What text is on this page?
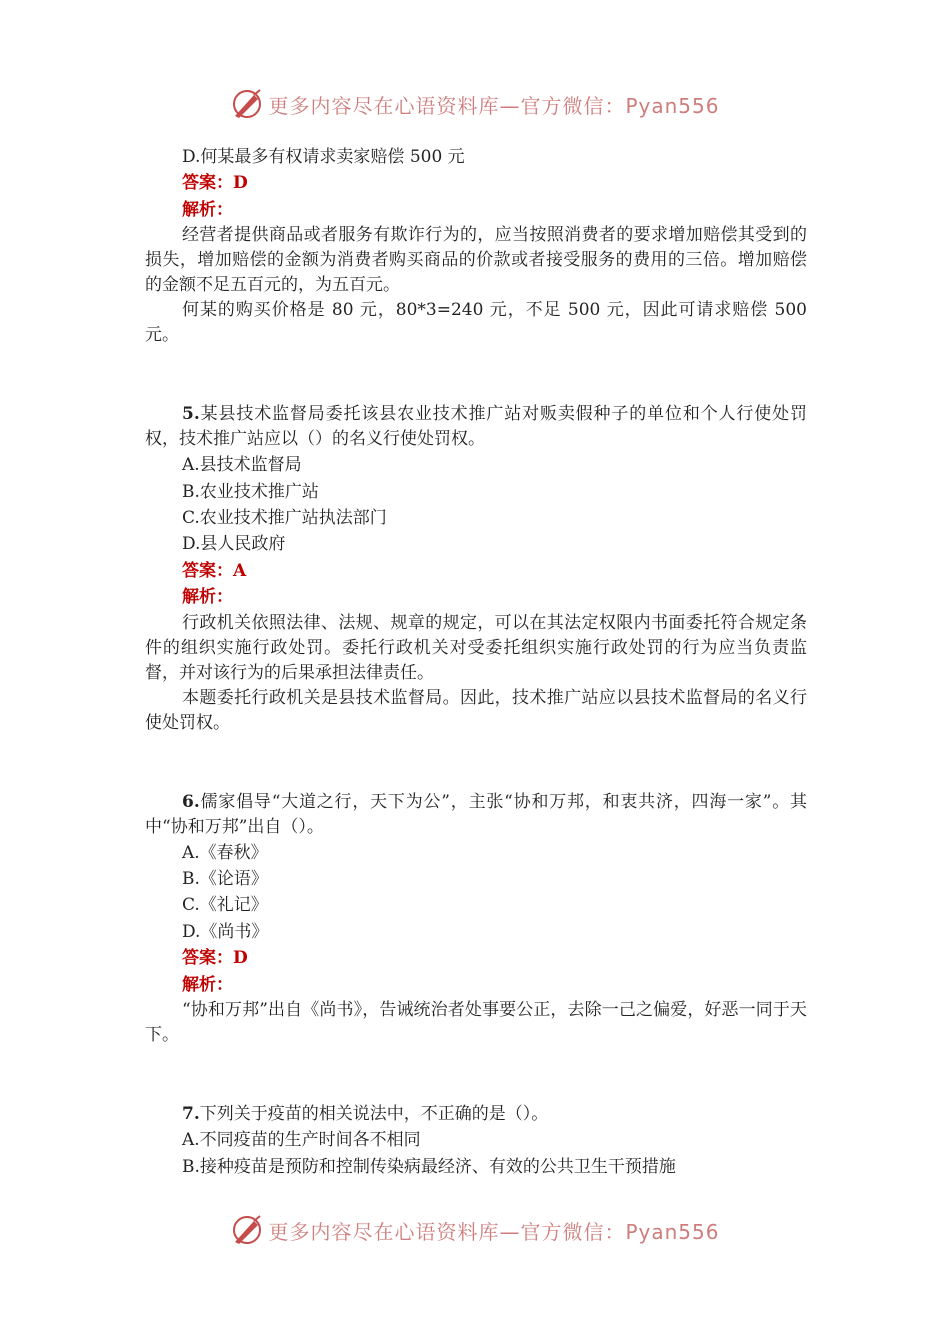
更多内容尽在心语资料库—官方微信：Pyan556

D.何某最多有权请求卖家赔偿 500 元

答案：D

解析：

经营者提供商品或者服务有欺诈行为的，应当按照消费者的要求增加赔偿其受到的损失，增加赔偿的金额为消费者购买商品的价款或者接受服务的费用的三倍。增加赔偿的金额不足五百元的，为五百元。

何某的购买价格是 80 元，80*3=240 元，不足 500 元，因此可请求赔偿 500 元。

5.某县技术监督局委托该县农业技术推广站对贩卖假种子的单位和个人行使处罚权，技术推广站应以（）的名义行使处罚权。

A.县技术监督局

B.农业技术推广站

C.农业技术推广站执法部门

D.县人民政府

答案：A

解析：

行政机关依照法律、法规、规章的规定，可以在其法定权限内书面委托符合规定条件的组织实施行政处罚。委托行政机关对受委托组织实施行政处罚的行为应当负责监督，并对该行为的后果承担法律责任。

本题委托行政机关是县技术监督局。因此，技术推广站应以县技术监督局的名义行使处罚权。

6.儒家倡导“大道之行，天下为公”，主张“协和万邦，和衷共济，四海一家”。其中“协和万邦”出自（）。

A.《春秋》

B.《论语》

C.《礼记》

D.《尚书》

答案：D

解析：

“协和万邦”出自《尚书》，告诫统治者处事要公正，去除一己之偏爱，好恶一同于天下。

7.下列关于疫苗的相关说法中，不正确的是（）。

A.不同疫苗的生产时间各不相同

B.接种疫苗是预防和控制传染病最经济、有效的公共卫生干预措施

更多内容尽在心语资料库—官方微信：Pyan556
